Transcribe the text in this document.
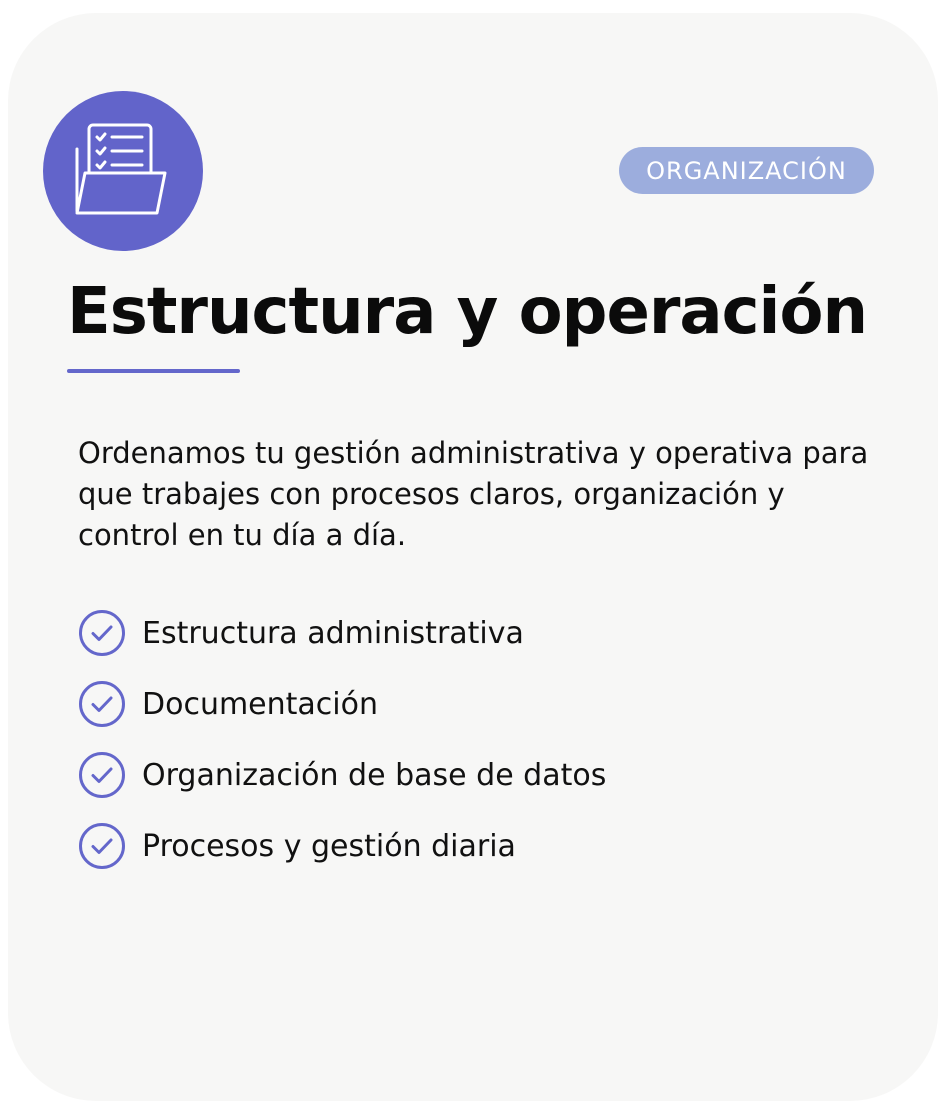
ORGANIZACIÓN
Estructura y operación

Ordenamos tu gestión administrativa y operativa para que trabajes con procesos claros, organización y control en tu día a día.

Estructura administrativa
Documentación
Organización de base de datos
Procesos y gestión diaria
